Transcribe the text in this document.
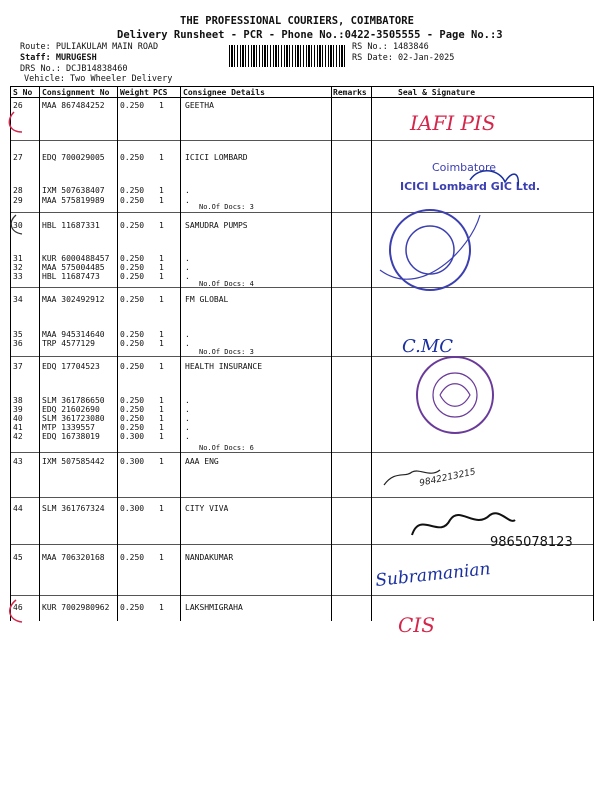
THE PROFESSIONAL COURIERS, COIMBATORE
Delivery Runsheet - PCR - Phone No.:0422-3505555 - Page No.:3
Route: PULIAKULAM MAIN ROAD
Staff: MURUGESH
DRS No.: DCJB14838460
Vehicle: Two Wheeler Delivery
RS No.: 1483846
RS Date: 02-Jan-2025
S No Consignment No Weight PCS Consignee Details	Remarks	Seal & Signature
26 MAA 867484252 0.250 1	GEETHA
27 EDQ 700029005 0.250 1	ICICI LOMBARD
28 IXM 507638407 0.250 1	.
29 MAA 575819989 0.250 1	.
30 HBL 11687331	0.250 1	SAMUDRA PUMPS
31 KUR 6000488457 0.250 1	.
32 MAA 575004485 0.250 1	.
33 HBL 11687473	0.250 1	.
34 MAA 302492912 0.250 1	FM GLOBAL
35 MAA 945314640 0.250 1	.
36 TRP 4577129	0.250 1	.
37 EDQ 17704523	0.250 1	HEALTH INSURANCE
38 SLM 361786650 0.250 1	.
39 EDQ 21602690	0.250 1	.
40 SLM 361723080 0.250 1	.
41 MTP 1339557	0.250 1	.
42 EDQ 16738019	0.300 1	.
43 IXM 507585442 0.300 1	AAA ENG
44 SLM 361767324 0.300 1	CITY VIVA
45 MAA 706320168 0.250 1	NANDAKUMAR
46 KUR 7002980962 0.250 1	LAKSHMIGRAHA
No.Of Docs: 3
No.Of Docs: 4
No.Of Docs: 3
No.Of Docs: 6
Coimbatore
ICICI Lombard GIC Ltd.
IAFI PIS
C.MC
9842213215
9865078123
Subramanian
CIS
